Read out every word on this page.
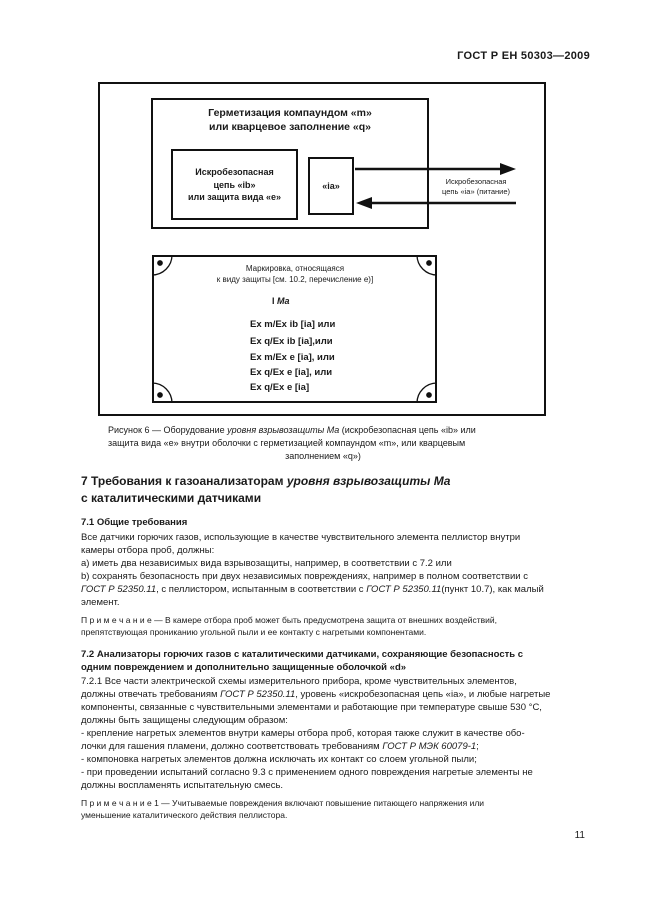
ГОСТ Р ЕН 50303—2009
Герметизация компаундом «m»
или кварцевое заполнение «q»
Искробезопасная
цепь «ib»
или защита вида «e»
«ia»	Искробезопасная
цепь «ia» (питание)
Маркировка, относящаяся
к виду защиты [см. 10.2, перечисление e)]
I Ma
Ex m/Ex ib [ia] или
Ex q/Ex ib [ia],или
Ex m/Ex e [ia], или
Ex q/Ex e [ia], или
Ex q/Ex e [ia]
Рисунок 6 — Оборудование уровня взрывозащиты Ma (искробезопасная цепь «ib» или
защита вида «e» внутри оболочки с герметизацией компаундом «m», или кварцевым
заполнением «q»)
7 Требования к газоанализаторам уровня взрывозащиты Ma
с каталитическими датчиками
7.1 Общие требования
Все датчики горючих газов, использующие в качестве чувствительного элемента пеллистор внутри
камеры отбора проб, должны:
а) иметь два независимых вида взрывозащиты, например, в соответствии с 7.2 или
b) сохранять безопасность при двух независимых повреждениях, например в полном соответствии с
ГОСТ Р 52350.11, с пеллистором, испытанным в соответствии с ГОСТ Р 52350.11(пункт 10.7), как малый
элемент.
П р и м е ч а н и е — В камере отбора проб может быть предусмотрена защита от внешних воздействий,
препятствующая прониканию угольной пыли и ее контакту с нагретыми компонентами.
7.2 Анализаторы горючих газов с каталитическими датчиками, сохраняющие безопасность с
одним повреждением и дополнительно защищенные оболочкой «d»
7.2.1 Все части электрической схемы измерительного прибора, кроме чувствительных элементов,
должны отвечать требованиям ГОСТ Р 52350.11, уровень «искробезопасная цепь «ia», и любые нагретые
компоненты, связанные с чувствительными элементами и работающие при температуре свыше 530 °C,
должны быть защищены следующим образом:
- крепление нагретых элементов внутри камеры отбора проб, которая также служит в качестве обо-
лочки для гашения пламени, должно соответствовать требованиям ГОСТ Р МЭК 60079-1;
- компоновка нагретых элементов должна исключать их контакт со слоем угольной пыли;
- при проведении испытаний согласно 9.3 с применением одного повреждения нагретые элементы не
должны воспламенять испытательную смесь.
П р и м е ч а н и е 1 — Учитываемые повреждения включают повышение питающего напряжения или
уменьшение каталитического действия пеллистора.
11
